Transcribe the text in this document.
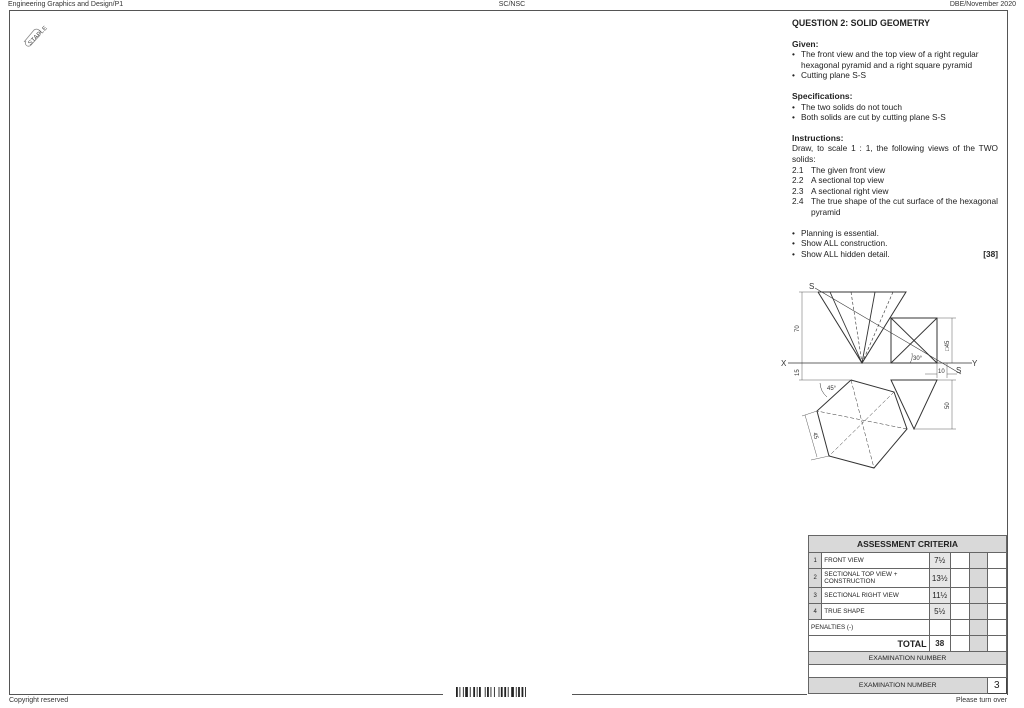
Engineering Graphics and Design/P1	SC/NSC	DBE/November 2020
STAPLE
QUESTION 2: SOLID GEOMETRY
Given:
• The front view and the top view of a right regular hexagonal pyramid and a right square pyramid
• Cutting plane S-S
Specifications:
• The two solids do not touch
• Both solids are cut by cutting plane S-S
Instructions:

Draw, to scale 1 : 1, the following views of the TWO solids:

2.1 The given front view
2.2 A sectional top view
2.3 A sectional right view
2.4 The true shape of the cut surface of the hexagonal pyramid
• Planning is essential.
• Show ALL construction.
• Show ALL hidden detail.	[38]
S
S
X	Y
70
15
□45
30°
10
45°
50
45
ASSESSMENT CRITERIA					
1	FRONT VIEW	7½			
2	SECTIONAL TOP VIEW + CONSTRUCTION	13½			
3	SECTIONAL RIGHT VIEW	11½			
4	TRUE SHAPE	5½			
PENALTIES (-)					
TOTAL		38			
EXAMINATION NUMBER					

EXAMINATION NUMBER					3
Copyright reserved	Please turn over
